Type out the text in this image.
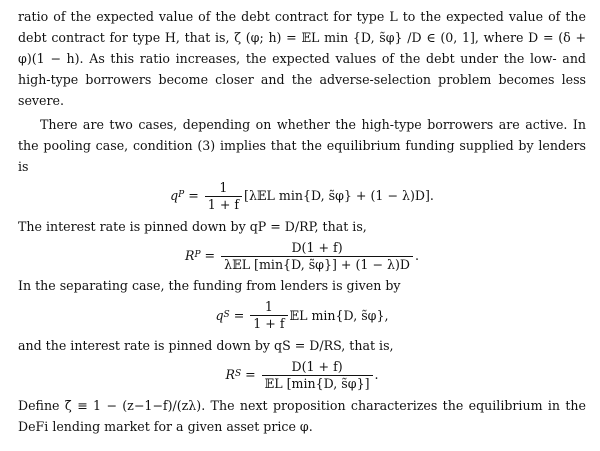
ratio of the expected value of the debt contract for type L to the expected value of the debt contract for type H, that is, ζ (φ; h) = 𝔼L min {D, s̃φ} /D ∈ (0, 1], where D = (δ + φ)(1 − h). As this ratio increases, the expected values of the debt under the low- and high-type borrowers become closer and the adverse-selection problem becomes less severe.

There are two cases, depending on whether the high-type borrowers are active. In the pooling case, condition (3) implies that the equilibrium funding supplied by lenders is

q $P = \frac{1}{1 + f}$ [λ𝔼L min{D, s̃φ} + (1 − λ)D].

The interest rate is pinned down by qP = D/RP, that is,

R $P = \frac{D(1 + f)}{\text{λ𝔼L [min\{D, s̃φ\}] + (1 − λ)D}}$ .

In the separating case, the funding from lenders is given by

q $S = \frac{1}{1 + f}$ 𝔼L min{D, s̃φ},

and the interest rate is pinned down by qS = D/RS, that is,

R $S = \frac{D(1 + f)}{\text{𝔼L [min\{D, s̃φ\}]}}$ .

Define ζ̄ ≡ 1 − (z−1−f)/(zλ). The next proposition characterizes the equilibrium in the DeFi lending market for a given asset price φ.
